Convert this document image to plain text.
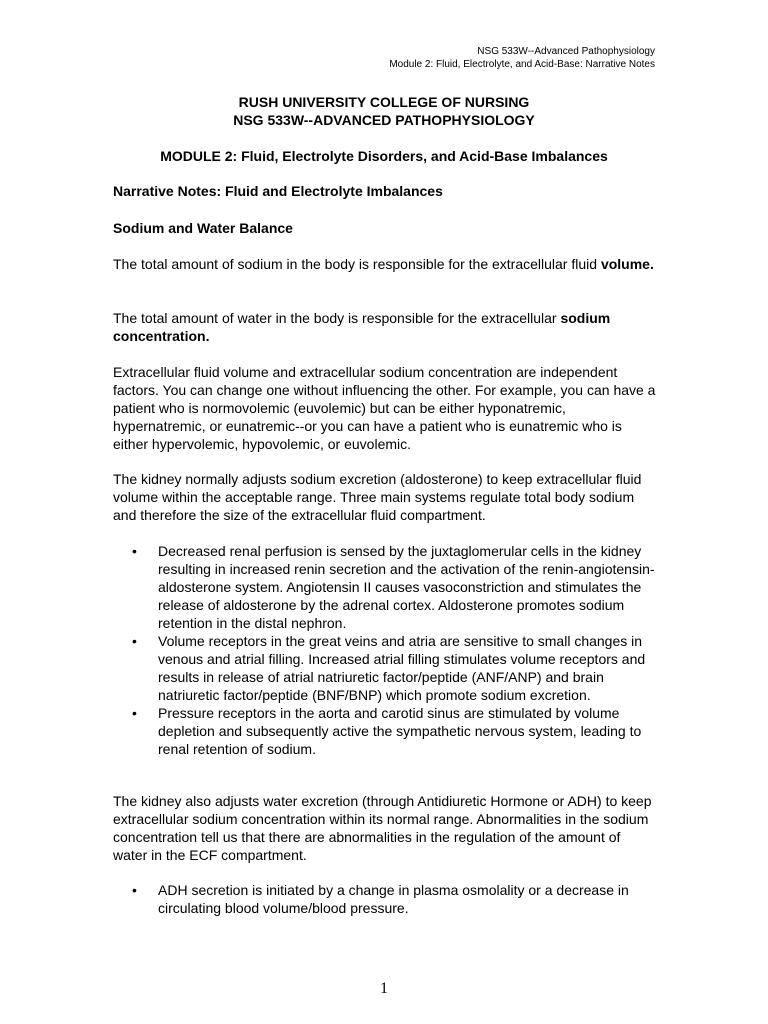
NSG 533W--Advanced Pathophysiology
Module 2: Fluid, Electrolyte, and Acid-Base: Narrative Notes
RUSH UNIVERSITY COLLEGE OF NURSING
NSG 533W--ADVANCED PATHOPHYSIOLOGY
MODULE 2: Fluid, Electrolyte Disorders, and Acid-Base Imbalances
Narrative Notes: Fluid and Electrolyte Imbalances
Sodium and Water Balance

The total amount of sodium in the body is responsible for the extracellular fluid volume.

The total amount of water in the body is responsible for the extracellular sodium concentration.

Extracellular fluid volume and extracellular sodium concentration are independent factors. You can change one without influencing the other. For example, you can have a patient who is normovolemic (euvolemic) but can be either hyponatremic, hypernatremic, or eunatremic--or you can have a patient who is eunatremic who is either hypervolemic, hypovolemic, or euvolemic.

The kidney normally adjusts sodium excretion (aldosterone) to keep extracellular fluid volume within the acceptable range. Three main systems regulate total body sodium and therefore the size of the extracellular fluid compartment.

• Decreased renal perfusion is sensed by the juxtaglomerular cells in the kidney resulting in increased renin secretion and the activation of the renin-angiotensin-aldosterone system. Angiotensin II causes vasoconstriction and stimulates the release of aldosterone by the adrenal cortex. Aldosterone promotes sodium retention in the distal nephron.
• Volume receptors in the great veins and atria are sensitive to small changes in venous and atrial filling. Increased atrial filling stimulates volume receptors and results in release of atrial natriuretic factor/peptide (ANF/ANP) and brain natriuretic factor/peptide (BNF/BNP) which promote sodium excretion.
• Pressure receptors in the aorta and carotid sinus are stimulated by volume depletion and subsequently active the sympathetic nervous system, leading to renal retention of sodium.

The kidney also adjusts water excretion (through Antidiuretic Hormone or ADH) to keep extracellular sodium concentration within its normal range. Abnormalities in the sodium concentration tell us that there are abnormalities in the regulation of the amount of water in the ECF compartment.

• ADH secretion is initiated by a change in plasma osmolality or a decrease in circulating blood volume/blood pressure.
1
